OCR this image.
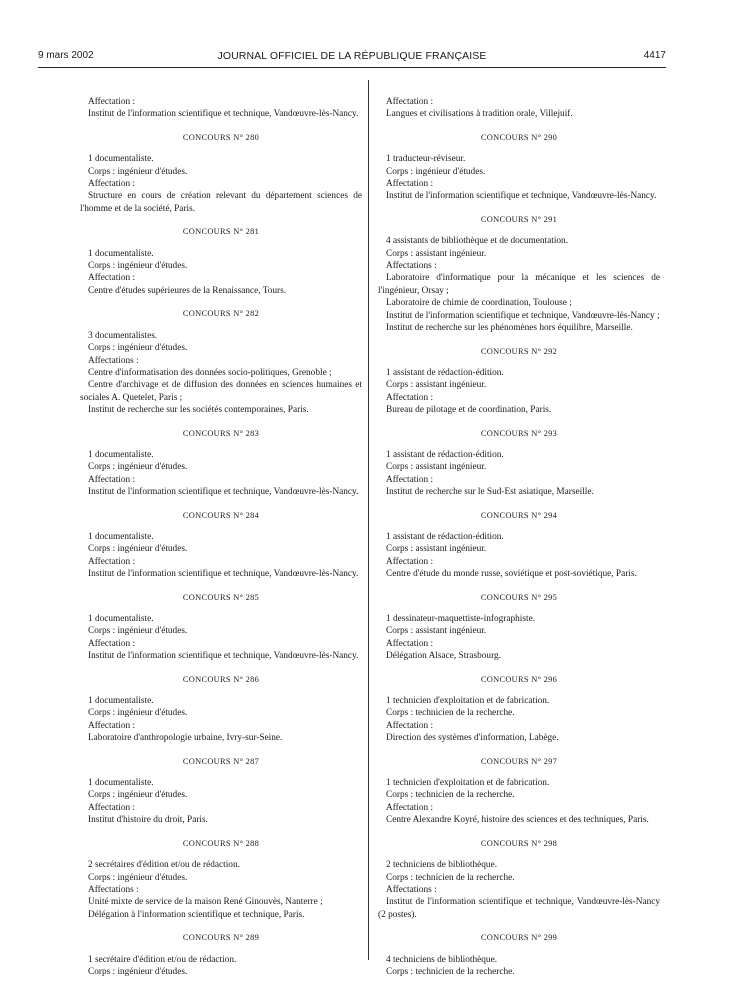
9 mars 2002	JOURNAL OFFICIEL DE LA RÉPUBLIQUE FRANÇAISE	4417

Affectation :

Institut de l'information scientifique et technique, Vandœuvre-lès-Nancy.

CONCOURS N° 280

1 documentaliste.

Corps : ingénieur d'études.

Affectation :

Structure en cours de création relevant du département sciences de l'homme et de la société, Paris.

CONCOURS N° 281

1 documentaliste.

Corps : ingénieur d'études.

Affectation :

Centre d'études supérieures de la Renaissance, Tours.

CONCOURS N° 282

3 documentalistes.

Corps : ingénieur d'études.

Affectations :

Centre d'informatisation des données socio-politiques, Grenoble ;

Centre d'archivage et de diffusion des données en sciences humaines et sociales A. Quetelet, Paris ;

Institut de recherche sur les sociétés contemporaines, Paris.

CONCOURS N° 283

1 documentaliste.

Corps : ingénieur d'études.

Affectation :

Institut de l'information scientifique et technique, Vandœuvre-lès-Nancy.

CONCOURS N° 284

1 documentaliste.

Corps : ingénieur d'études.

Affectation :

Institut de l'information scientifique et technique, Vandœuvre-lès-Nancy.

CONCOURS N° 285

1 documentaliste.

Corps : ingénieur d'études.

Affectation :

Institut de l'information scientifique et technique, Vandœuvre-lès-Nancy.

CONCOURS N° 286

1 documentaliste.

Corps : ingénieur d'études.

Affectation :

Laboratoire d'anthropologie urbaine, Ivry-sur-Seine.

CONCOURS N° 287

1 documentaliste.

Corps : ingénieur d'études.

Affectation :

Institut d'histoire du droit, Paris.

CONCOURS N° 288

2 secrétaires d'édition et/ou de rédaction.

Corps : ingénieur d'études.

Affectations :

Unité mixte de service de la maison René Ginouvès, Nanterre ;

Délégation à l'information scientifique et technique, Paris.

CONCOURS N° 289

1 secrétaire d'édition et/ou de rédaction.

Corps : ingénieur d'études.

Affectation :

Langues et civilisations à tradition orale, Villejuif.

CONCOURS N° 290

1 traducteur-réviseur.

Corps : ingénieur d'études.

Affectation :

Institut de l'information scientifique et technique, Vandœuvre-lès-Nancy.

CONCOURS N° 291

4 assistants de bibliothèque et de documentation.

Corps : assistant ingénieur.

Affectations :

Laboratoire d'informatique pour la mécanique et les sciences de l'ingénieur, Orsay ;

Laboratoire de chimie de coordination, Toulouse ;

Institut de l'information scientifique et technique, Vandœuvre-lès-Nancy ;

Institut de recherche sur les phénomènes hors équilibre, Marseille.

CONCOURS N° 292

1 assistant de rédaction-édition.

Corps : assistant ingénieur.

Affectation :

Bureau de pilotage et de coordination, Paris.

CONCOURS N° 293

1 assistant de rédaction-édition.

Corps : assistant ingénieur.

Affectation :

Institut de recherche sur le Sud-Est asiatique, Marseille.

CONCOURS N° 294

1 assistant de rédaction-édition.

Corps : assistant ingénieur.

Affectation :

Centre d'étude du monde russe, soviétique et post-soviétique, Paris.

CONCOURS N° 295

1 dessinateur-maquettiste-infographiste.

Corps : assistant ingénieur.

Affectation :

Délégation Alsace, Strasbourg.

CONCOURS N° 296

1 technicien d'exploitation et de fabrication.

Corps : technicien de la recherche.

Affectation :

Direction des systèmes d'information, Labège.

CONCOURS N° 297

1 technicien d'exploitation et de fabrication.

Corps : technicien de la recherche.

Affectation :

Centre Alexandre Koyré, histoire des sciences et des techniques, Paris.

CONCOURS N° 298

2 techniciens de bibliothèque.

Corps : technicien de la recherche.

Affectations :

Institut de l'information scientifique et technique, Vandœuvre-lès-Nancy (2 postes).

CONCOURS N° 299

4 techniciens de bibliothèque.

Corps : technicien de la recherche.
